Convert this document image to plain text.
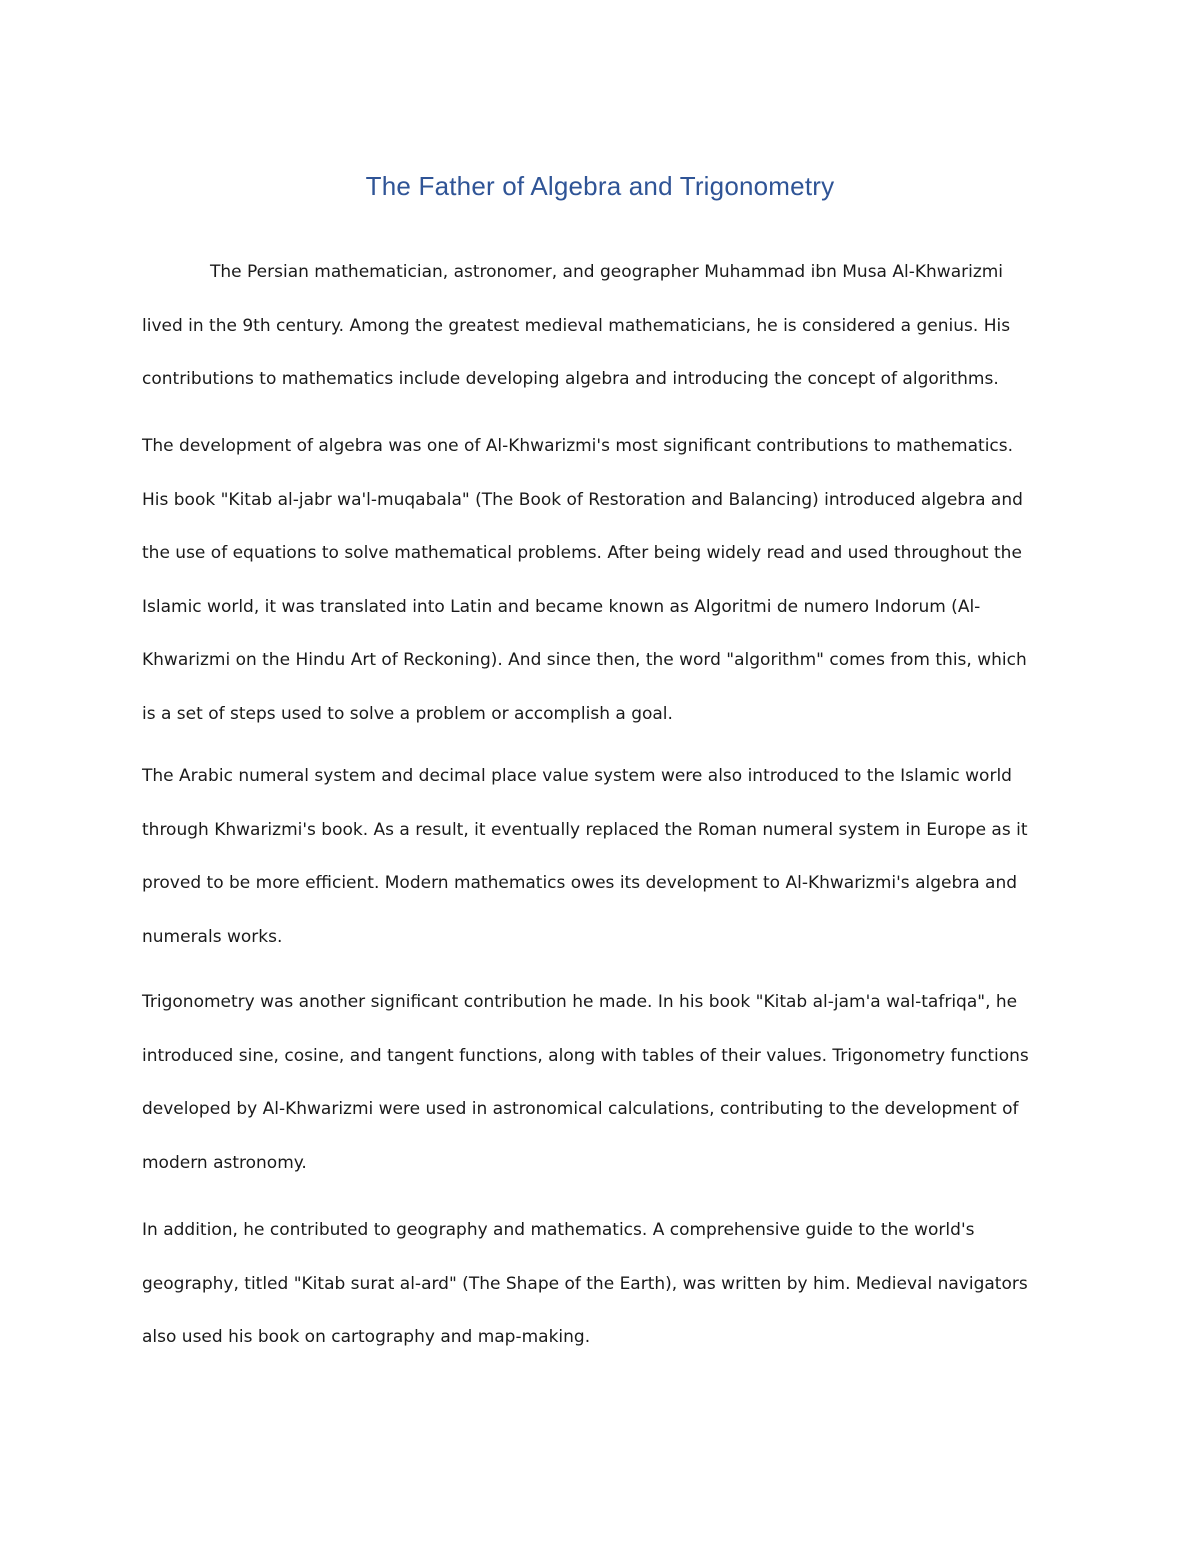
The Father of Algebra and Trigonometry

The Persian mathematician, astronomer, and geographer Muhammad ibn Musa Al-Khwarizmi
lived in the 9th century. Among the greatest medieval mathematicians, he is considered a genius. His
contributions to mathematics include developing algebra and introducing the concept of algorithms.

The development of algebra was one of Al-Khwarizmi's most significant contributions to mathematics.
His book "Kitab al-jabr wa'l-muqabala" (The Book of Restoration and Balancing) introduced algebra and
the use of equations to solve mathematical problems. After being widely read and used throughout the
Islamic world, it was translated into Latin and became known as Algoritmi de numero Indorum (Al-
Khwarizmi on the Hindu Art of Reckoning). And since then, the word "algorithm" comes from this, which
is a set of steps used to solve a problem or accomplish a goal.

The Arabic numeral system and decimal place value system were also introduced to the Islamic world
through Khwarizmi's book. As a result, it eventually replaced the Roman numeral system in Europe as it
proved to be more efficient. Modern mathematics owes its development to Al-Khwarizmi's algebra and
numerals works.

Trigonometry was another significant contribution he made. In his book "Kitab al-jam'a wal-tafriqa", he
introduced sine, cosine, and tangent functions, along with tables of their values. Trigonometry functions
developed by Al-Khwarizmi were used in astronomical calculations, contributing to the development of
modern astronomy.

In addition, he contributed to geography and mathematics. A comprehensive guide to the world's
geography, titled "Kitab surat al-ard" (The Shape of the Earth), was written by him. Medieval navigators
also used his book on cartography and map-making.
